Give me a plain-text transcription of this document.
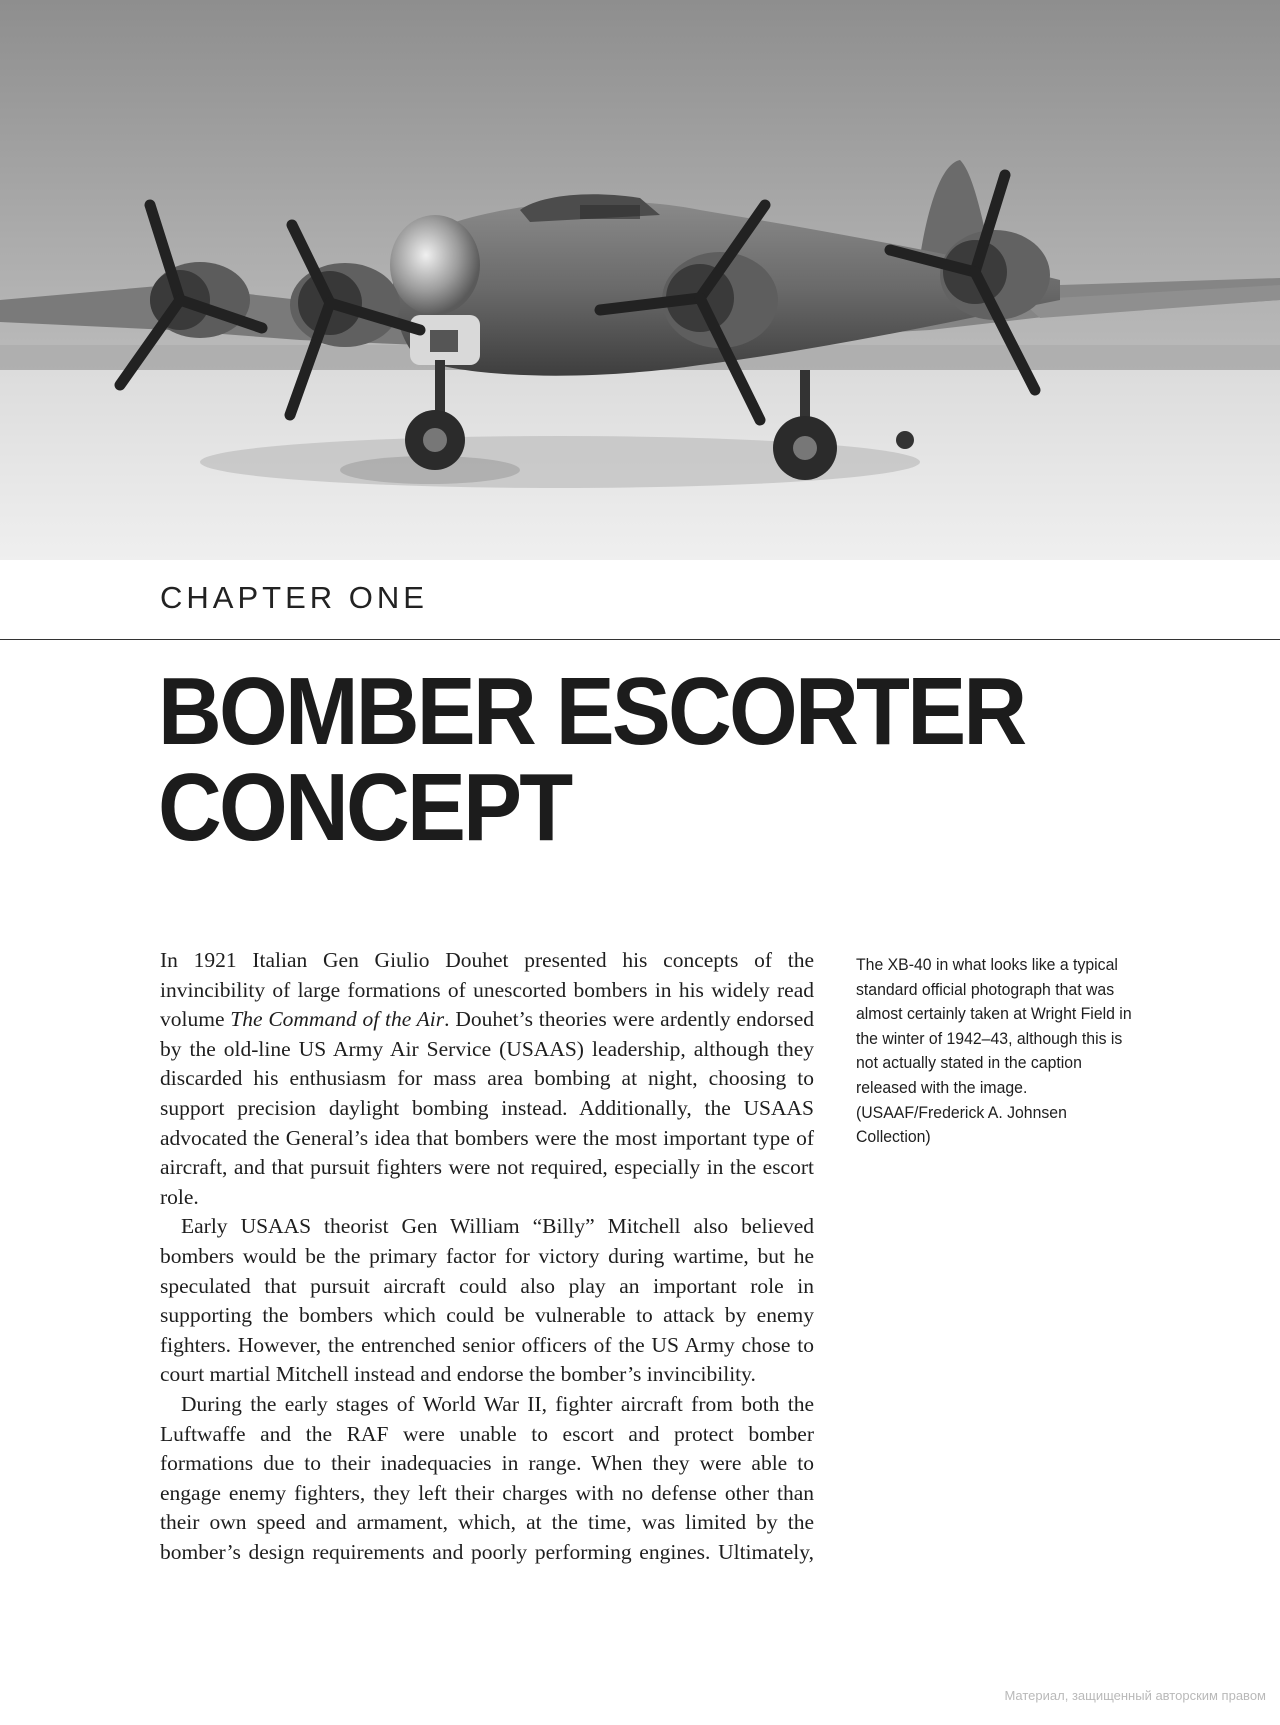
CHAPTER ONE
BOMBER ESCORTER
CONCEPT

In 1921 Italian Gen Giulio Douhet presented his concepts of the invincibility of large formations of unescorted bombers in his widely read volume The Command of the Air. Douhet’s theories were ardently endorsed by the old-line US Army Air Service (USAAS) leadership, although they discarded his enthusiasm for mass area bombing at night, choosing to support precision daylight bombing instead. Additionally, the USAAS advocated the General’s idea that bombers were the most important type of aircraft, and that pursuit fighters were not required, especially in the escort role.

Early USAAS theorist Gen William “Billy” Mitchell also believed bombers would be the primary factor for victory during wartime, but he speculated that pursuit aircraft could also play an important role in supporting the bombers which could be vulnerable to attack by enemy fighters. However, the entrenched senior officers of the US Army chose to court martial Mitchell instead and endorse the bomber’s invincibility.

During the early stages of World War II, fighter aircraft from both the Luftwaffe and the RAF were unable to escort and protect bomber formations due to their inadequacies in range. When they were able to engage enemy fighters, they left their charges with no defense other than their own speed and armament, which, at the time, was limited by the bomber’s design requirements and poorly performing engines. Ultimately,

The XB-40 in what looks like a typical standard official photograph that was almost certainly taken at Wright Field in the winter of 1942–43, although this is not actually stated in the caption released with the image. (USAAF/Frederick A. Johnsen Collection)
Материал, защищенный авторским правом
